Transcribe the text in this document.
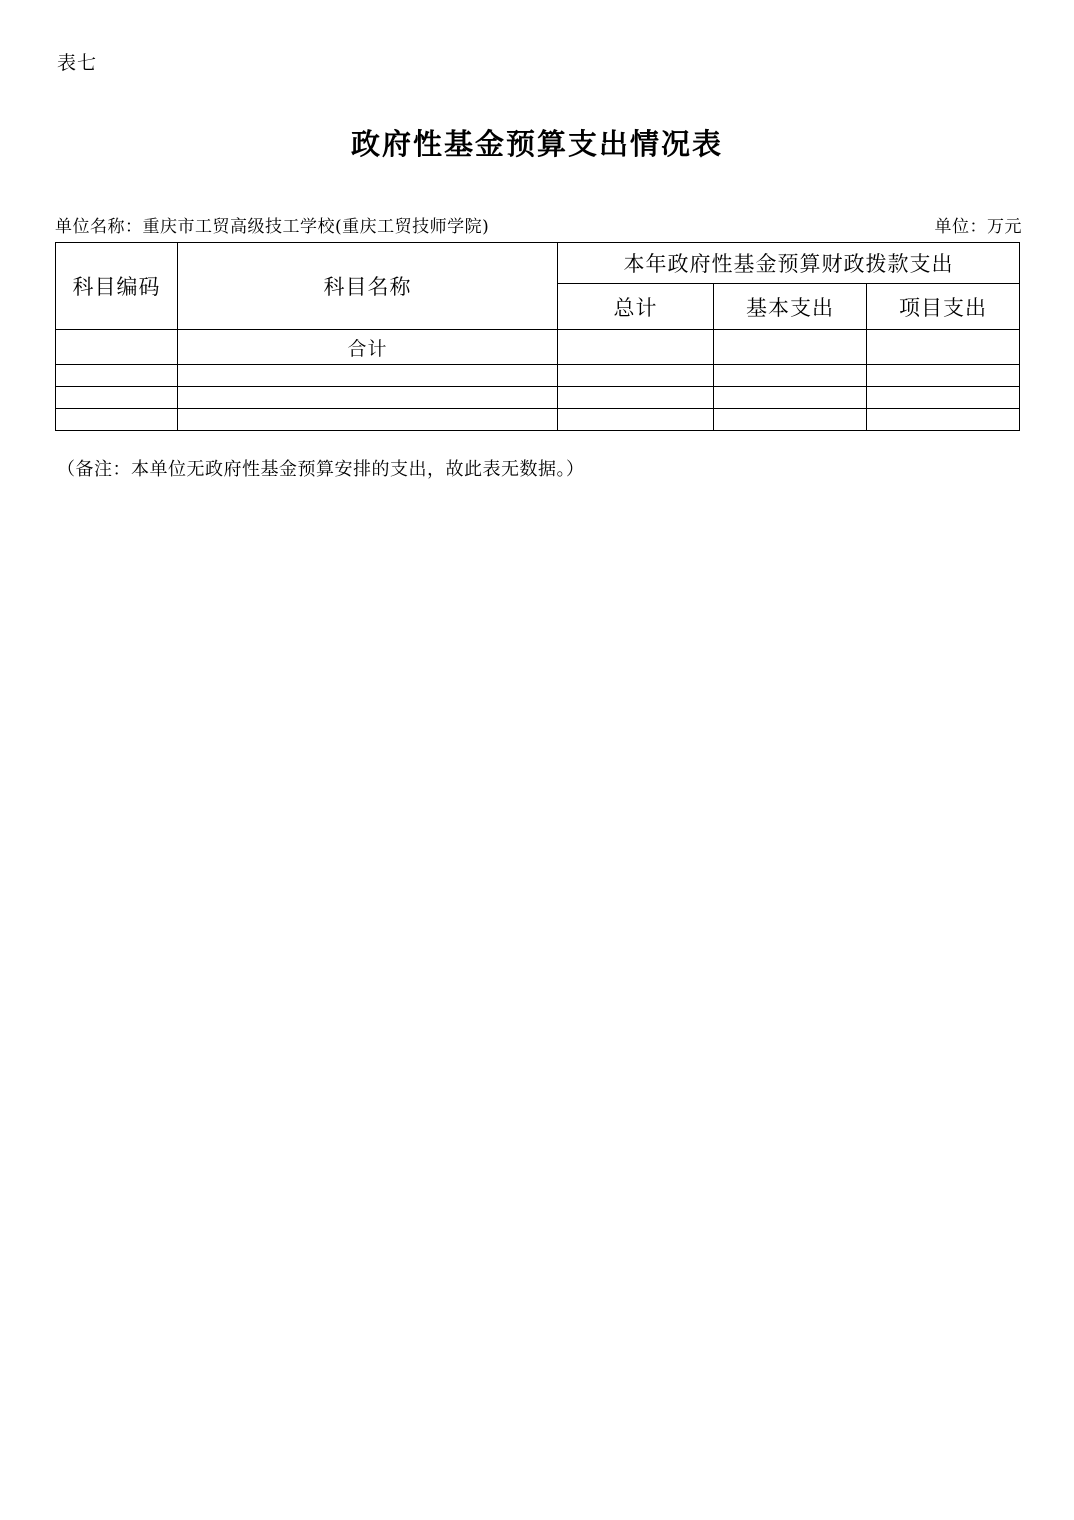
表七
政府性基金预算支出情况表
单位名称：重庆市工贸高级技工学校(重庆工贸技师学院)	单位：万元
科目编码	科目名称	本年政府性基金预算财政拨款支出		
		总计	基本支出	项目支出
	合计			

（备注：本单位无政府性基金预算安排的支出，故此表无数据。）
